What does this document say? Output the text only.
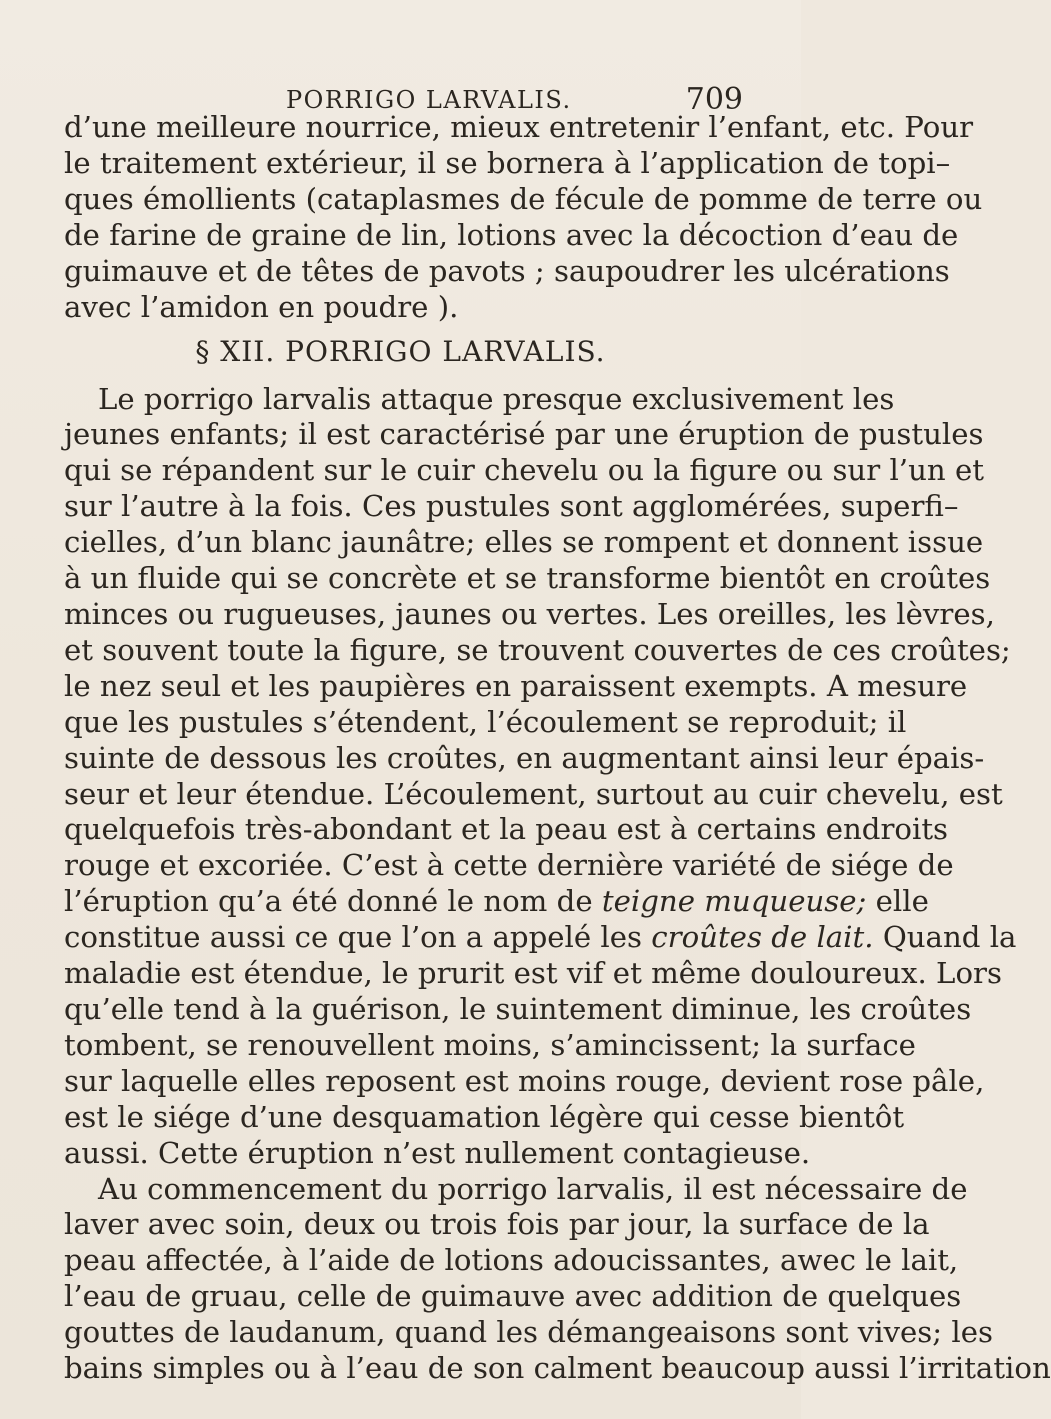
PORRIGO LARVALIS.	709
d’une meilleure nourrice, mieux entretenir l’enfant, etc. Pour
le traitement extérieur, il se bornera à l’application de topi–
ques émollients (cataplasmes de fécule de pomme de terre ou
de farine de graine de lin, lotions avec la décoction d’eau de
guimauve et de têtes de pavots ; saupoudrer les ulcérations
avec l’amidon en poudre ).
§ XII. PORRIGO LARVALIS.
Le porrigo larvalis attaque presque exclusivement les
jeunes enfants; il est caractérisé par une éruption de pustules
qui se répandent sur le cuir chevelu ou la figure ou sur l’un et
sur l’autre à la fois. Ces pustules sont agglomérées, superfi–
cielles, d’un blanc jaunâtre; elles se rompent et donnent issue
à un fluide qui se concrète et se transforme bientôt en croûtes
minces ou rugueuses, jaunes ou vertes. Les oreilles, les lèvres,
et souvent toute la figure, se trouvent couvertes de ces croûtes;
le nez seul et les paupières en paraissent exempts. A mesure
que les pustules s’étendent, l’écoulement se reproduit; il
suinte de dessous les croûtes, en augmentant ainsi leur épais-
seur et leur étendue. L’écoulement, surtout au cuir chevelu, est
quelquefois très-abondant et la peau est à certains endroits
rouge et excoriée. C’est à cette dernière variété de siége de
l’éruption qu’a été donné le nom de teigne muqueuse; elle
constitue aussi ce que l’on a appelé les croûtes de lait. Quand la
maladie est étendue, le prurit est vif et même douloureux. Lors
qu’elle tend à la guérison, le suintement diminue, les croûtes
tombent, se renouvellent moins, s’amincissent; la surface
sur laquelle elles reposent est moins rouge, devient rose pâle,
est le siége d’une desquamation légère qui cesse bientôt
aussi. Cette éruption n’est nullement contagieuse.
Au commencement du porrigo larvalis, il est nécessaire de
laver avec soin, deux ou trois fois par jour, la surface de la
peau affectée, à l’aide de lotions adoucissantes, awec le lait,
l’eau de gruau, celle de guimauve avec addition de quelques
gouttes de laudanum, quand les démangeaisons sont vives; les
bains simples ou à l’eau de son calment beaucoup aussi l’irritation
